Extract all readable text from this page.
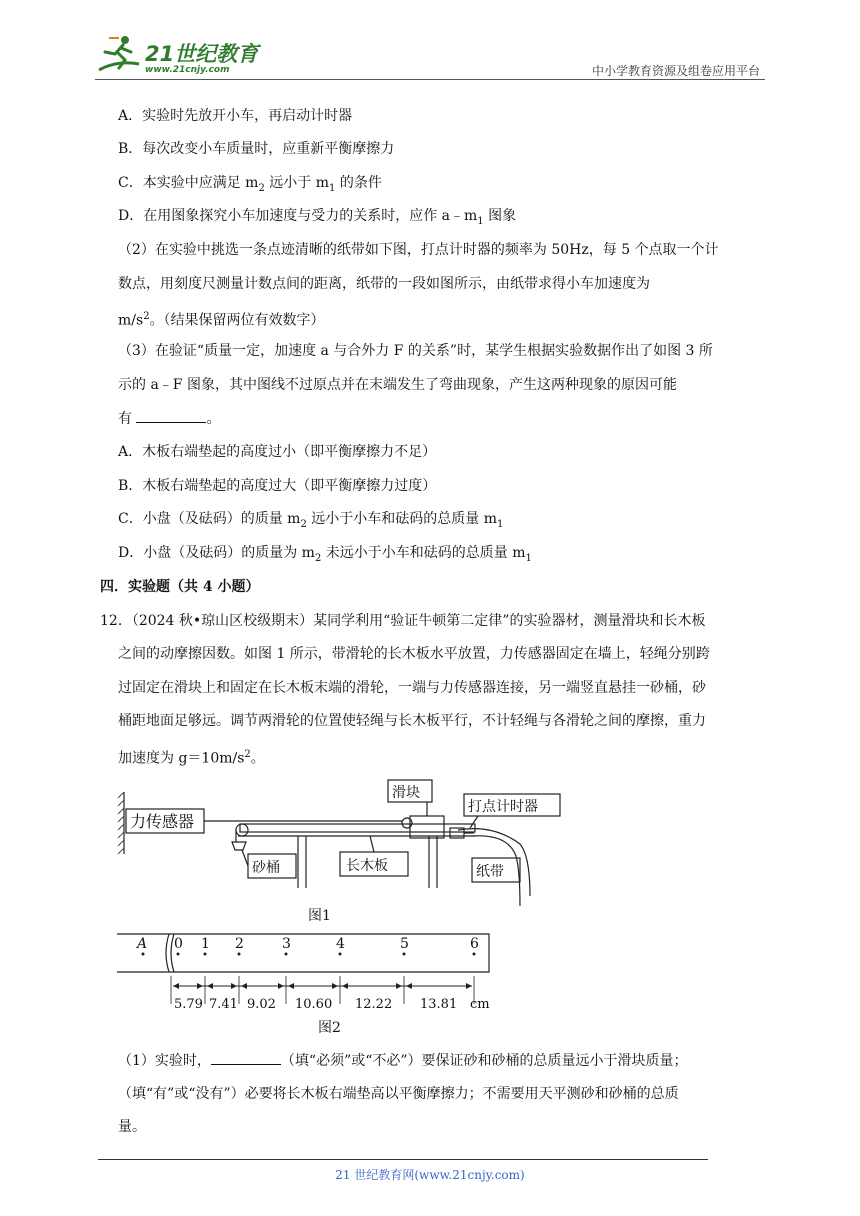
21世纪教育
www.21cnjy.com	中小学教育资源及组卷应用平台
A．实验时先放开小车，再启动计时器
B．每次改变小车质量时，应重新平衡摩擦力
C．本实验中应满足 $m_2$ 远小于 $m_1$ 的条件
D．在用图象探究小车加速度与受力的关系时，应作 $a﹣m_1$ 图象
（2）在实验中挑选一条点迹清晰的纸带如下图，打点计时器的频率为 50Hz，每 5 个点取一个计
数点，用刻度尺测量计数点间的距离，纸带的一段如图所示，由纸带求得小车加速度为
$m/s^2$。（结果保留两位有效数字）
（3）在验证“质量一定，加速度 a 与合外力 F 的关系”时，某学生根据实验数据作出了如图 3 所
示的 a﹣F 图象，其中图线不过原点并在末端发生了弯曲现象，产生这两种现象的原因可能
有	。
A．木板右端垫起的高度过小（即平衡摩擦力不足）
B．木板右端垫起的高度过大（即平衡摩擦力过度）
C．小盘（及砝码）的质量 $m_2$ 远小于小车和砝码的总质量 $m_1$
D．小盘（及砝码）的质量为 $m_2$ 未远小于小车和砝码的总质量 $m_1$
四．实验题（共 4 小题）
12．（2024 秋•琼山区校级期末）某同学利用“验证牛顿第二定律”的实验器材，测量滑块和长木板
之间的动摩擦因数。如图 1 所示，带滑轮的长木板水平放置，力传感器固定在墙上，轻绳分别跨
过固定在滑块上和固定在长木板末端的滑轮，一端与力传感器连接，另一端竖直悬挂一砂桶，砂
桶距地面足够远。调节两滑轮的位置使轻绳与长木板平行，不计轻绳与各滑轮之间的摩擦，重力
加速度为 $g=10m/s^2$。
力传感器
滑块
打点计时器
砂桶	长木板	纸带
图1
A 0 1 2	3	4	5	6
5.79 7.41 9.02 10.60 12.22 13.81 cm
图2
（1）实验时，	（填“必须”或“不必”）要保证砂和砂桶的总质量远小于滑块质量；
（填“有”或“没有”）必要将长木板右端垫高以平衡摩擦力；不需要用天平测砂和砂桶的总质
量。
21 世纪教育网(www.21cnjy.com)
